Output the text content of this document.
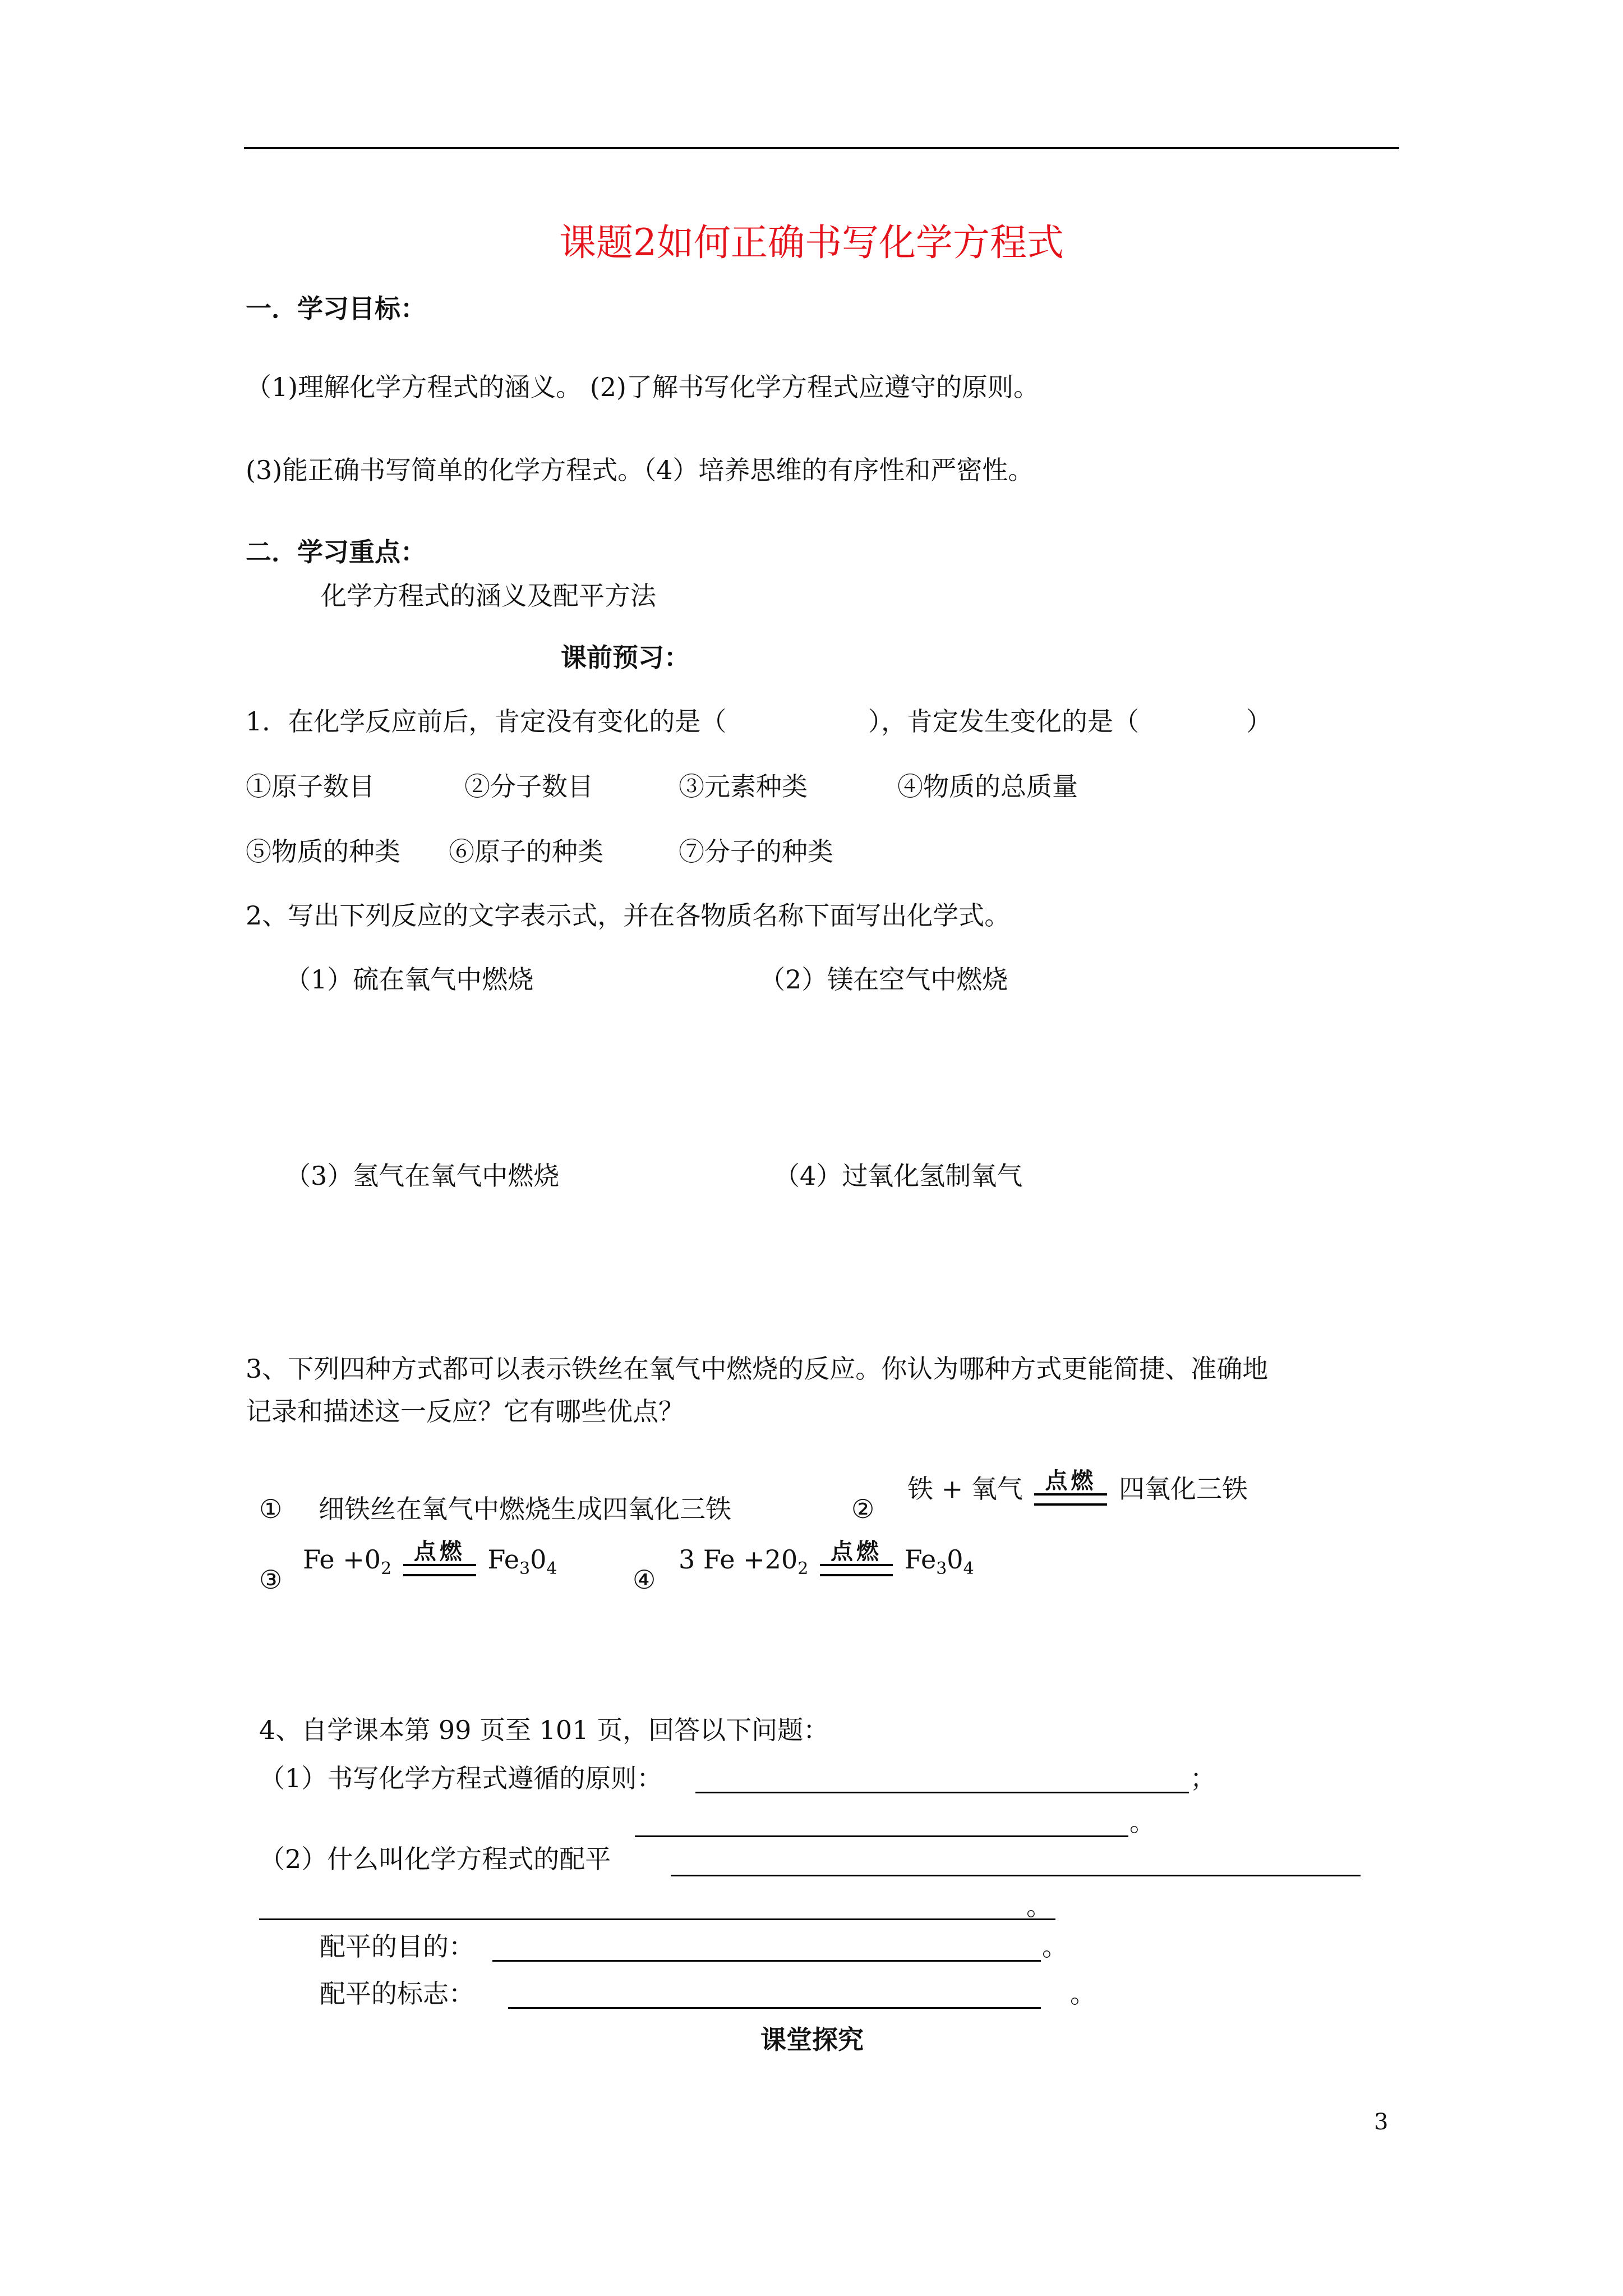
课题2如何正确书写化学方程式
一．学习目标：
（1)理解化学方程式的涵义。 (2)了解书写化学方程式应遵守的原则。
(3)能正确书写简单的化学方程式。（4）培养思维的有序性和严密性。
二．学习重点：
化学方程式的涵义及配平方法
课前预习：
1．在化学反应前后，肯定没有变化的是（	），肯定发生变化的是（	）
①原子数目	②分子数目	③元素种类	④物质的总质量
⑤物质的种类 ⑥原子的种类	⑦分子的种类
2、写出下列反应的文字表示式，并在各物质名称下面写出化学式。
（1）硫在氧气中燃烧	（2）镁在空气中燃烧
（3）氢气在氧气中燃烧	（4）过氧化氢制氧气
3、下列四种方式都可以表示铁丝在氧气中燃烧的反应。你认为哪种方式更能简捷、准确地
记录和描述这一反应？它有哪些优点？
① 细铁丝在氧气中燃烧生成四氧化三铁	②
铁 + 氧气 点燃 四氧化三铁
③
$Fe +0_2$
点燃 $Fe_30_4$	④
3 $Fe +20_2$
点燃 $Fe_30_4$
4、自学课本第 99 页至 101 页，回答以下问题：
（1）书写化学方程式遵循的原则：	；
。
（2）什么叫化学方程式的配平
。
配平的目的：	。
配平的标志：	。
课堂探究
3
